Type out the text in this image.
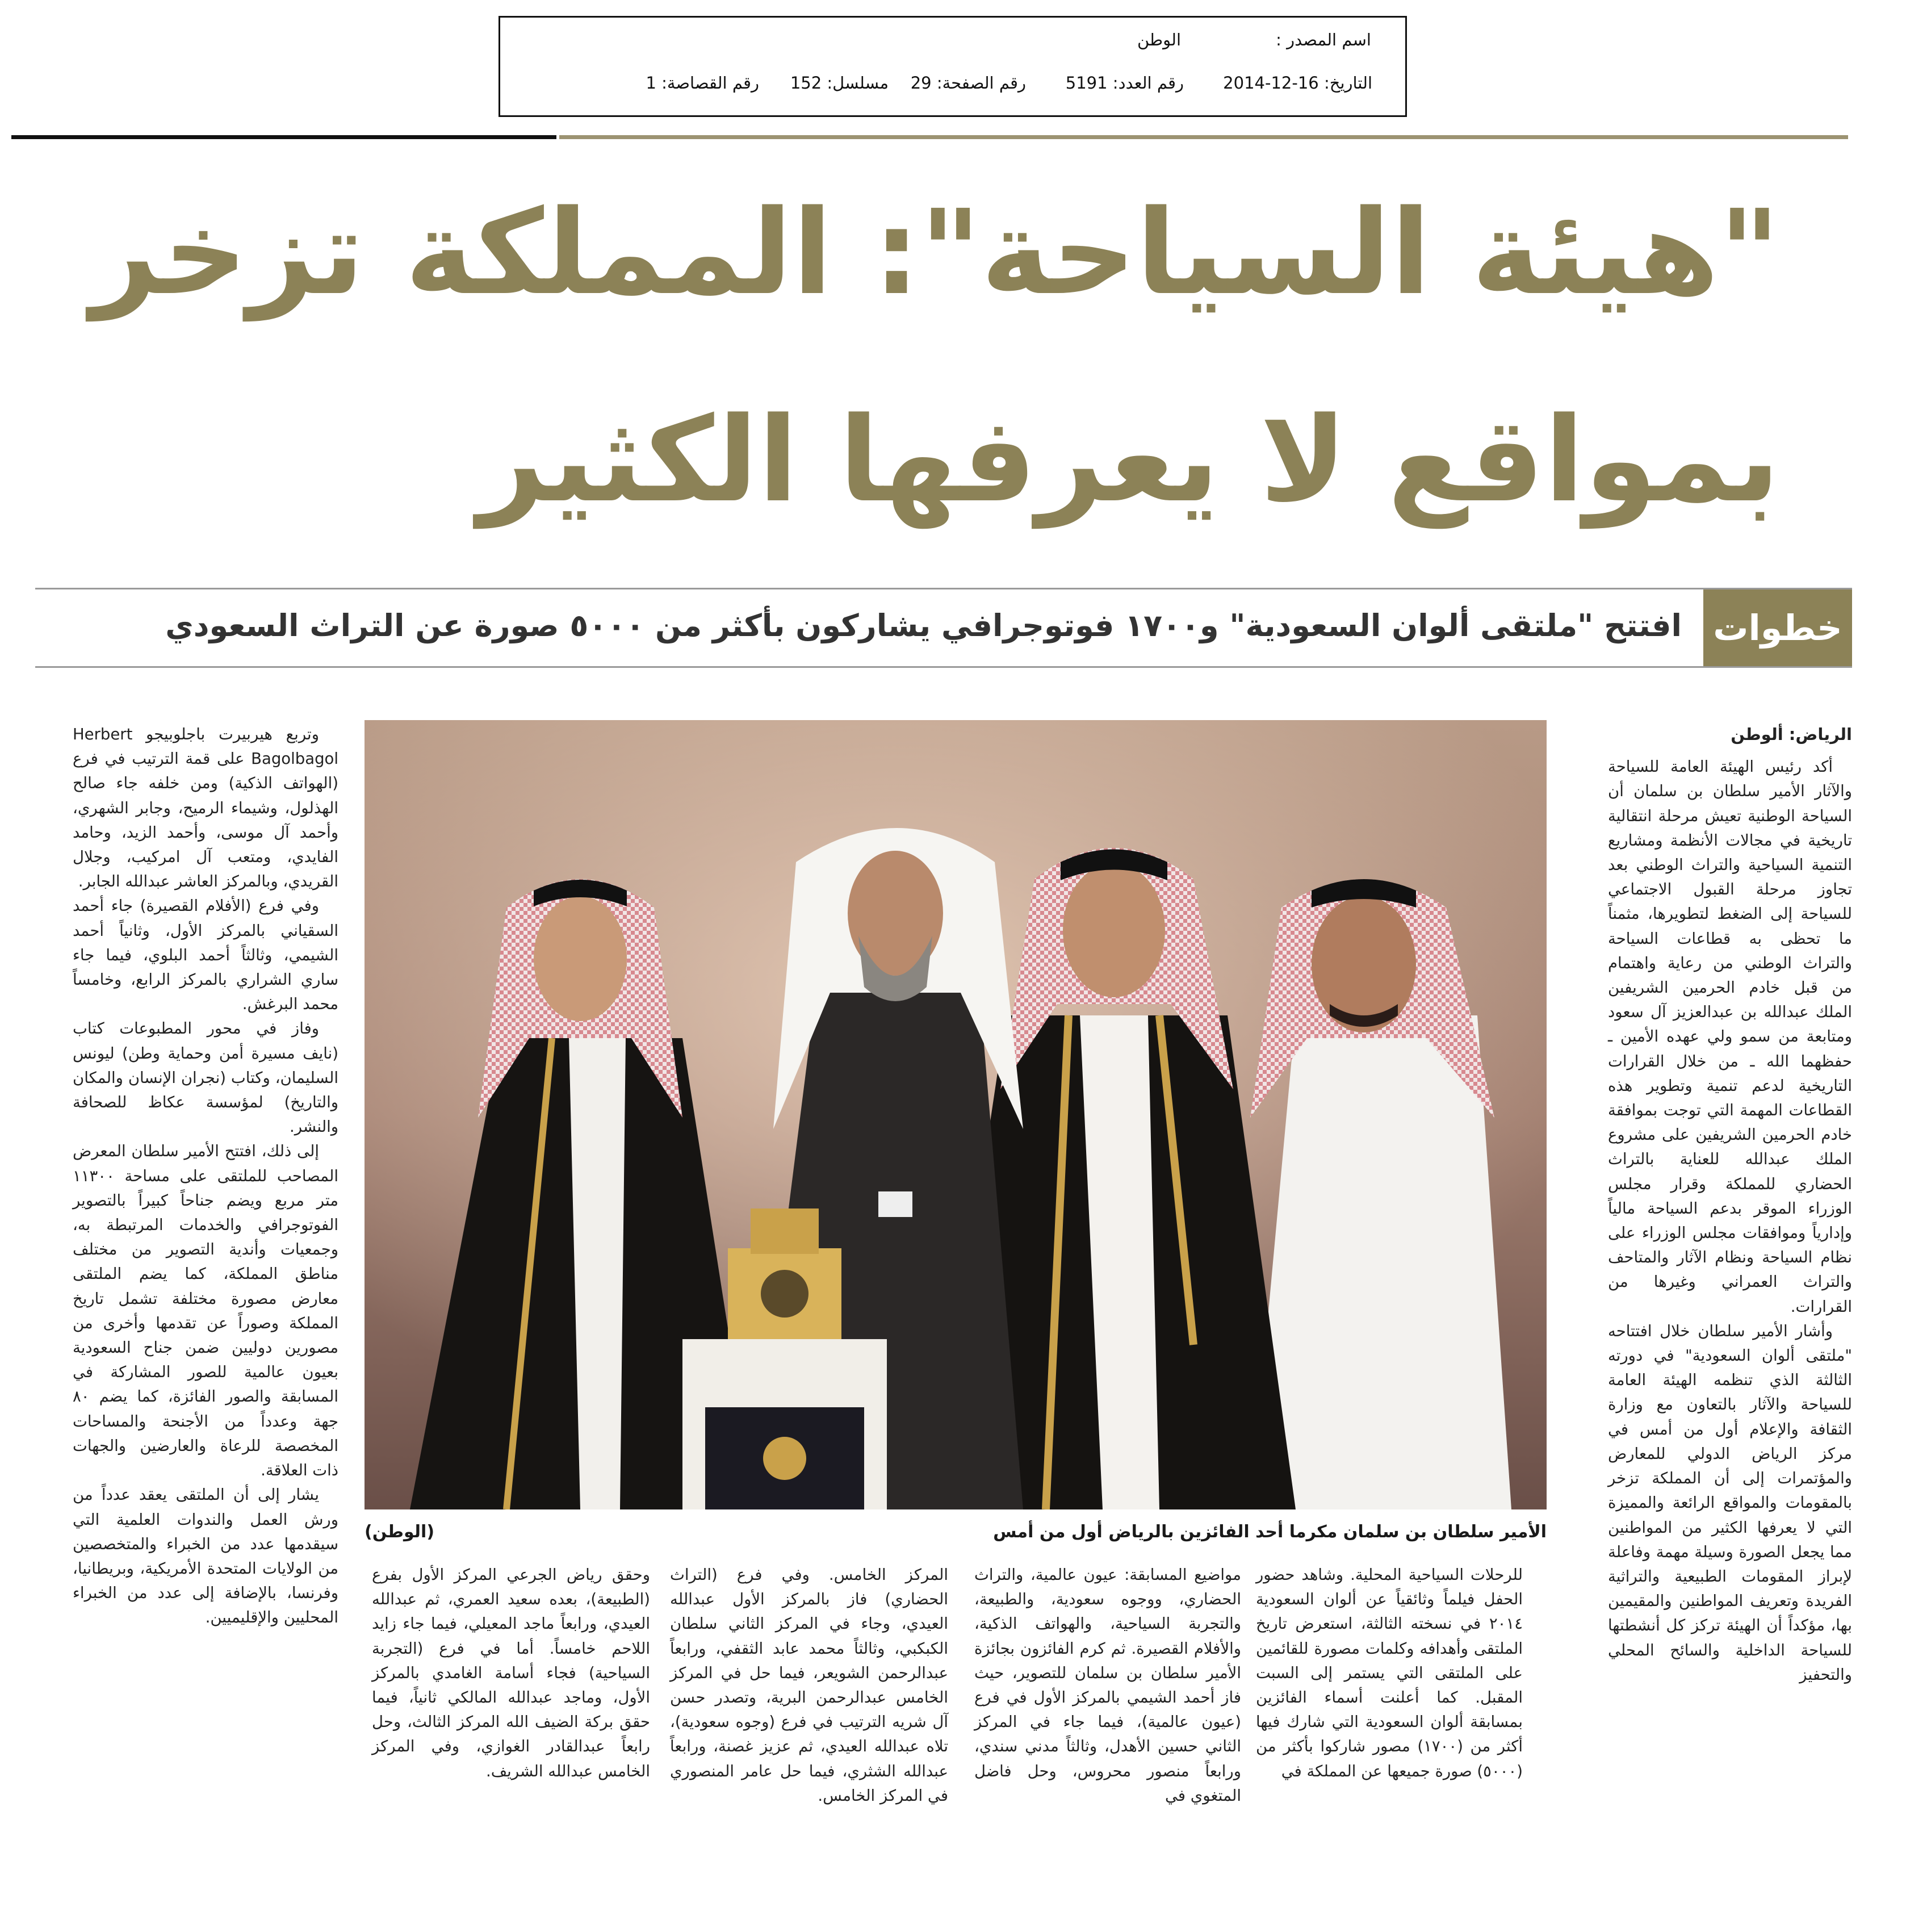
اسم المصدر :
الوطن
التاريخ: 16-12-2014
رقم العدد: 5191
رقم الصفحة: 29
مسلسل: 152
رقم القصاصة: 1
"هيئة السياحة": المملكة تزخر
بمواقع لا يعرفها الكثير
خطوات
افتتح "ملتقى ألوان السعودية" و١٧٠٠ فوتوجرافي يشاركون بأكثر من ٥٠٠٠ صورة عن التراث السعودي
الأمير سلطان بن سلمان مكرما أحد الفائزين بالرياض أول من أمس
(الوطن)
الرياض: ألوطن

أكد رئيس الهيئة العامة للسياحة والآثار الأمير سلطان بن سلمان أن السياحة الوطنية تعيش مرحلة انتقالية تاريخية في مجالات الأنظمة ومشاريع التنمية السياحية والتراث الوطني بعد تجاوز مرحلة القبول الاجتماعي للسياحة إلى الضغط لتطويرها، مثمناً ما تحظى به قطاعات السياحة والتراث الوطني من رعاية واهتمام من قبل خادم الحرمين الشريفين الملك عبدالله بن عبدالعزيز آل سعود ومتابعة من سمو ولي عهده الأمين ـ حفظهما الله ـ من خلال القرارات التاريخية لدعم تنمية وتطوير هذه القطاعات المهمة التي توجت بموافقة خادم الحرمين الشريفين على مشروع الملك عبدالله للعناية بالتراث الحضاري للمملكة وقرار مجلس الوزراء الموقر بدعم السياحة مالياً وإدارياً وموافقات مجلس الوزراء على نظام السياحة ونظام الآثار والمتاحف والتراث العمراني وغيرها من القرارات.

وأشار الأمير سلطان خلال افتتاحه "ملتقى ألوان السعودية" في دورته الثالثة الذي تنظمه الهيئة العامة للسياحة والآثار بالتعاون مع وزارة الثقافة والإعلام أول من أمس في مركز الرياض الدولي للمعارض والمؤتمرات إلى أن المملكة تزخر بالمقومات والمواقع الرائعة والمميزة التي لا يعرفها الكثير من المواطنين مما يجعل الصورة وسيلة مهمة وفاعلة لإبراز المقومات الطبيعية والتراثية الفريدة وتعريف المواطنين والمقيمين بها، مؤكداً أن الهيئة تركز كل أنشطتها للسياحة الداخلية والسائح المحلي والتحفيز

وتربع هيربيرت باجلوبيجو Herbert Bagolbagol على قمة الترتيب في فرع (الهواتف الذكية) ومن خلفه جاء صالح الهذلول، وشيماء الرميح، وجابر الشهري، وأحمد آل موسى، وأحمد الزيد، وحامد الفايدي، ومتعب آل امركيب، وجلال القريدي، وبالمركز العاشر عبدالله الجابر.

وفي فرع (الأفلام القصيرة) جاء أحمد السقياني بالمركز الأول، وثانياً أحمد الشيمي، وثالثاً أحمد البلوي، فيما جاء ساري الشراري بالمركز الرابع، وخامساً محمد البرغش.

وفاز في محور المطبوعات كتاب (نايف مسيرة أمن وحماية وطن) ليونس السليمان، وكتاب (نجران الإنسان والمكان والتاريخ) لمؤسسة عكاظ للصحافة والنشر.

إلى ذلك، افتتح الأمير سلطان المعرض المصاحب للملتقى على مساحة ١١٣٠٠ متر مربع ويضم جناحاً كبيراً بالتصوير الفوتوجرافي والخدمات المرتبطة به، وجمعيات وأندية التصوير من مختلف مناطق المملكة، كما يضم الملتقى معارض مصورة مختلفة تشمل تاريخ المملكة وصوراً عن تقدمها وأخرى من مصورين دوليين ضمن جناح السعودية بعيون عالمية للصور المشاركة في المسابقة والصور الفائزة، كما يضم ٨٠ جهة وعدداً من الأجنحة والمساحات المخصصة للرعاة والعارضين والجهات ذات العلاقة.

يشار إلى أن الملتقى يعقد عدداً من ورش العمل والندوات العلمية التي سيقدمها عدد من الخبراء والمتخصصين من الولايات المتحدة الأمريكية، وبريطانيا، وفرنسا، بالإضافة إلى عدد من الخبراء المحليين والإقليميين.

للرحلات السياحية المحلية. وشاهد حضور الحفل فيلماً وثائقياً عن ألوان السعودية ٢٠١٤ في نسخته الثالثة، استعرض تاريخ الملتقى وأهدافه وكلمات مصورة للقائمين على الملتقى التي يستمر إلى السبت المقبل. كما أعلنت أسماء الفائزين بمسابقة ألوان السعودية التي شارك فيها أكثر من (١٧٠٠) مصور شاركوا بأكثر من (٥٠٠٠) صورة جميعها عن المملكة في

مواضيع المسابقة: عيون عالمية، والتراث الحضاري، ووجوه سعودية، والطبيعة، والتجربة السياحية، والهواتف الذكية، والأفلام القصيرة. ثم كرم الفائزون بجائزة الأمير سلطان بن سلمان للتصوير، حيث فاز أحمد الشيمي بالمركز الأول في فرع (عيون عالمية)، فيما جاء في المركز الثاني حسين الأهدل، وثالثاً مدني سندي، ورابعاً منصور محروس، وحل فاضل المتغوي في

المركز الخامس. وفي فرع (التراث الحضاري) فاز بالمركز الأول عبدالله العيدي، وجاء في المركز الثاني سلطان الكبكبي، وثالثاً محمد عابد الثقفي، ورابعاً عبدالرحمن الشويعر، فيما حل في المركز الخامس عبدالرحمن البرية، وتصدر حسن آل شريه الترتيب في فرع (وجوه سعودية)، تلاه عبدالله العيدي، ثم عزيز غصنة، ورابعاً عبدالله الشثري، فيما حل عامر المنصوري في المركز الخامس.

وحقق رياض الجرعي المركز الأول بفرع (الطبيعة)، بعده سعيد العمري، ثم عبدالله العيدي، ورابعاً ماجد المعيلي، فيما جاء زايد اللاحم خامساً. أما في فرع (التجربة السياحية) فجاء أسامة الغامدي بالمركز الأول، وماجد عبدالله المالكي ثانياً، فيما حقق بركة الضيف الله المركز الثالث، وحل رابعاً عبدالقادر الغوازي، وفي المركز الخامس عبدالله الشريف.
